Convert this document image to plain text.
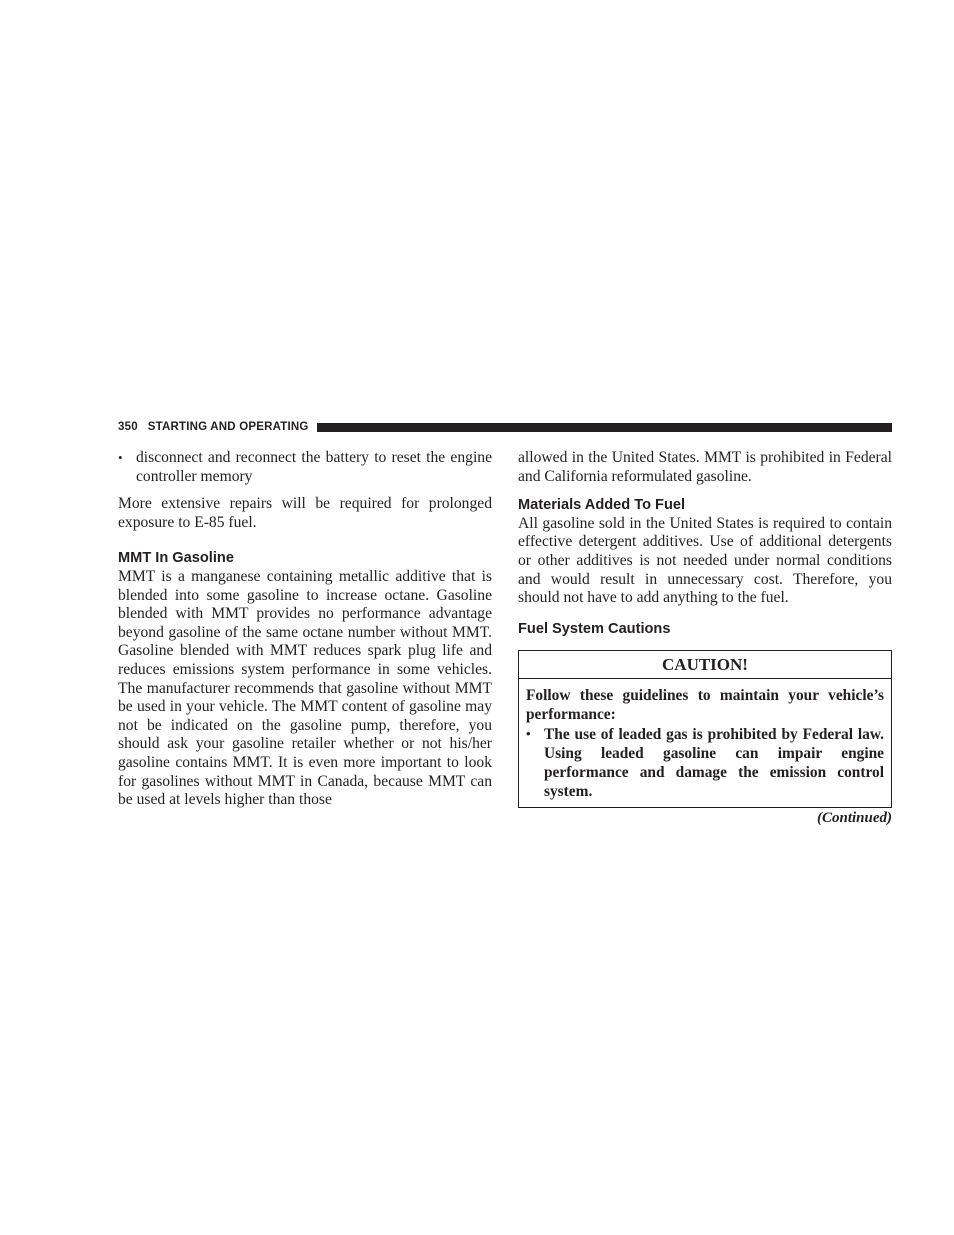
350 STARTING AND OPERATING
• disconnect and reconnect the battery to reset the engine controller memory

More extensive repairs will be required for prolonged exposure to E-85 fuel.

MMT In Gasoline

MMT is a manganese containing metallic additive that is blended into some gasoline to increase octane. Gasoline blended with MMT provides no performance advantage beyond gasoline of the same octane number without MMT. Gasoline blended with MMT reduces spark plug life and reduces emissions system performance in some vehicles. The manufacturer recommends that gasoline without MMT be used in your vehicle. The MMT content of gasoline may not be indicated on the gasoline pump, therefore, you should ask your gasoline retailer whether or not his/her gasoline contains MMT. It is even more important to look for gasolines without MMT in Canada, because MMT can be used at levels higher than those

allowed in the United States. MMT is prohibited in Federal and California reformulated gasoline.

Materials Added To Fuel

All gasoline sold in the United States is required to contain effective detergent additives. Use of additional detergents or other additives is not needed under normal conditions and would result in unnecessary cost. Therefore, you should not have to add anything to the fuel.

Fuel System Cautions
CAUTION!

Follow these guidelines to maintain your vehicle’s performance:

• The use of leaded gas is prohibited by Federal law. Using leaded gasoline can impair engine performance and damage the emission control system.
(Continued)
